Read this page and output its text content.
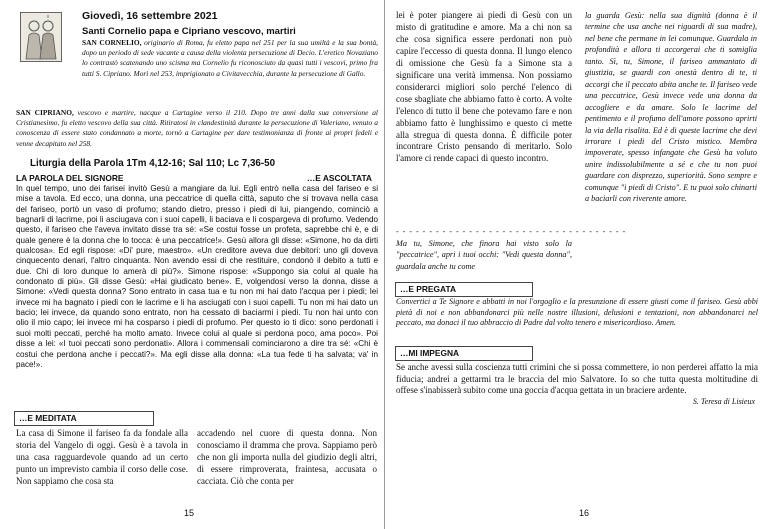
Giovedì, 16 settembre 2021
Santi Cornelio papa e Cipriano vescovo, martiri
SAN CORNELIO, originario di Roma, fu eletto papa nel 251 per la sua umiltà e la sua bontà, dopo un periodo di sede vacante a causa della violenta persecuzione di Decio. L'eretico Novaziano lo contrastò scatenando uno scisma ma Cornelio fu riconosciuto da quasi tutti i vescovi, primo fra tutti S. Cipriano. Morì nel 253, imprigionato a Civitavecchia, durante la persecuzione di Gallo.
SAN CIPRIANO, vescovo e martire, nacque a Cartagine verso il 210. Dopo tre anni dalla sua conversione al Cristianesimo, fu eletto vescovo della sua città. Ritiratosi in clandestinità durante la persecuzione di Valeriano, venuto a conoscenza di essere stato condannato a morte, tornò a Cartagine per dare testimonianza di fronte ai propri fedeli e venne decapitato nel 258.
Liturgia della Parola 1Tm 4,12-16; Sal 110; Lc 7,36-50
LA PAROLA DEL SIGNORE	…E ASCOLTATA
In quel tempo, uno dei farisei invitò Gesù a mangiare da lui. Egli entrò nella casa del fariseo e si mise a tavola. Ed ecco, una donna, una peccatrice di quella città, saputo che si trovava nella casa del fariseo, portò un vaso di profumo; stando dietro, presso i piedi di lui, piangendo, cominciò a bagnarli di lacrime, poi li asciugava con i suoi capelli, li baciava e li cospargeva di profumo. Vedendo questo, il fariseo che l'aveva invitato disse tra sé: «Se costui fosse un profeta, saprebbe chi è, e di quale genere è la donna che lo tocca: è una peccatrice!». Gesù allora gli disse: «Simone, ho da dirti qualcosa». Ed egli rispose: «Di' pure, maestro». «Un creditore aveva due debitori: uno gli doveva cinquecento denari, l'altro cinquanta. Non avendo essi di che restituire, condonò il debito a tutti e due. Chi di loro dunque lo amerà di più?». Simone rispose: «Suppongo sia colui al quale ha condonato di più». Gli disse Gesù: «Hai giudicato bene». E, volgendosi verso la donna, disse a Simone: «Vedi questa donna? Sono entrato in casa tua e tu non mi hai dato l'acqua per i piedi; lei invece mi ha bagnato i piedi con le lacrime e li ha asciugati con i suoi capelli. Tu non mi hai dato un bacio; lei invece, da quando sono entrato, non ha cessato di baciarmi i piedi. Tu non hai unto con olio il mio capo; lei invece mi ha cosparso i piedi di profumo. Per questo io ti dico: sono perdonati i suoi molti peccati, perché ha molto amato. Invece colui al quale si perdona poco, ama poco». Poi disse a lei: «I tuoi peccati sono perdonati». Allora i commensali cominciarono a dire tra sé: «Chi è costui che perdona anche i peccati?». Ma egli disse alla donna: «La tua fede ti ha salvata; va' in pace!».
…E MEDITATA
La casa di Simone il fariseo fa da fondale alla storia del Vangelo di oggi. Gesù è a tavola in una casa ragguardevole quando ad un certo punto un imprevisto cambia il corso delle cose. Non sappiamo che cosa sta
accadendo nel cuore di questa donna. Non conosciamo il dramma che prova. Sappiamo però che non gli importa nulla del giudizio degli altri, di essere rimproverata, fraintesa, accusata o cacciata. Ciò che conta per
15
lei è poter piangere ai piedi di Gesù con un misto di gratitudine e amore. Ma a chi non sa che cosa significa essere perdonati non può capire l'eccesso di questa donna. Il lungo elenco di omissione che Gesù fa a Simone sta a significare una verità immensa. Non possiamo considerarci migliori solo perché l'elenco di cose sbagliate che abbiamo fatto è corto. A volte l'elenco di tutto il bene che potevamo fare e non abbiamo fatto è lunghissimo e questo ci mette alla stregua di questa donna. È difficile poter incontrare Cristo pensando di meritarlo. Solo l'amore ci rende capaci di questo incontro.
- - - - - - - - - - - - - - - - - - - - - - - - - - - - - - - - - - -
Ma tu, Simone, che finora hai visto solo la "peccatrice", apri i tuoi occhi: "Vedi questa donna", guardala anche tu come
la guarda Gesù: nella sua dignità (donna è il termine che usa anche nei riguardi di sua madre), nel bene che permane in lei comunque. Guardala in profondità e allora ti accorgerai che ti somiglia tanto. Sì, tu, Simone, il fariseo ammantato di giustizia, se guardi con onestà dentro di te, ti accorgi che il peccato abita anche te. Il fariseo vede una peccatrice, Gesù invece vede una donna da accogliere e da amare. Solo le lacrime del pentimento e il profumo dell'amore possono aprirti la via della risalita. Ed è di queste lacrime che devi irrorare i piedi del Cristo mistico. Membra impoverate, spesso infangate che Gesù ha voluto unire indissolubilmente a sé e che tu non puoi guardare con disprezzo, superiorità. Sono sempre e comunque "i piedi di Cristo". E tu puoi solo chinarti a baciarli con riverente amore.
…E PREGATA
Convertici a Te Signore e abbatti in noi l'orgoglio e la presunzione di essere giusti come il fariseo. Gesù abbi pietà di noi e non abbandonarci più nelle nostre illusioni, delusioni e tentazioni, non abbandonarci nel peccato, ma donaci il tuo abbraccio di Padre dal volto tenero e misericordioso. Amen.
…MI IMPEGNA
Se anche avessi sulla coscienza tutti crimini che si possa commettere, io non perderei affatto la mia fiducia; andrei a gettarmi tra le braccia del mio Salvatore. Io so che tutta questa moltitudine di offese s'inabisserà subito come una goccia d'acqua gettata in un braciere ardente.
S. Teresa di Lisieux
16
